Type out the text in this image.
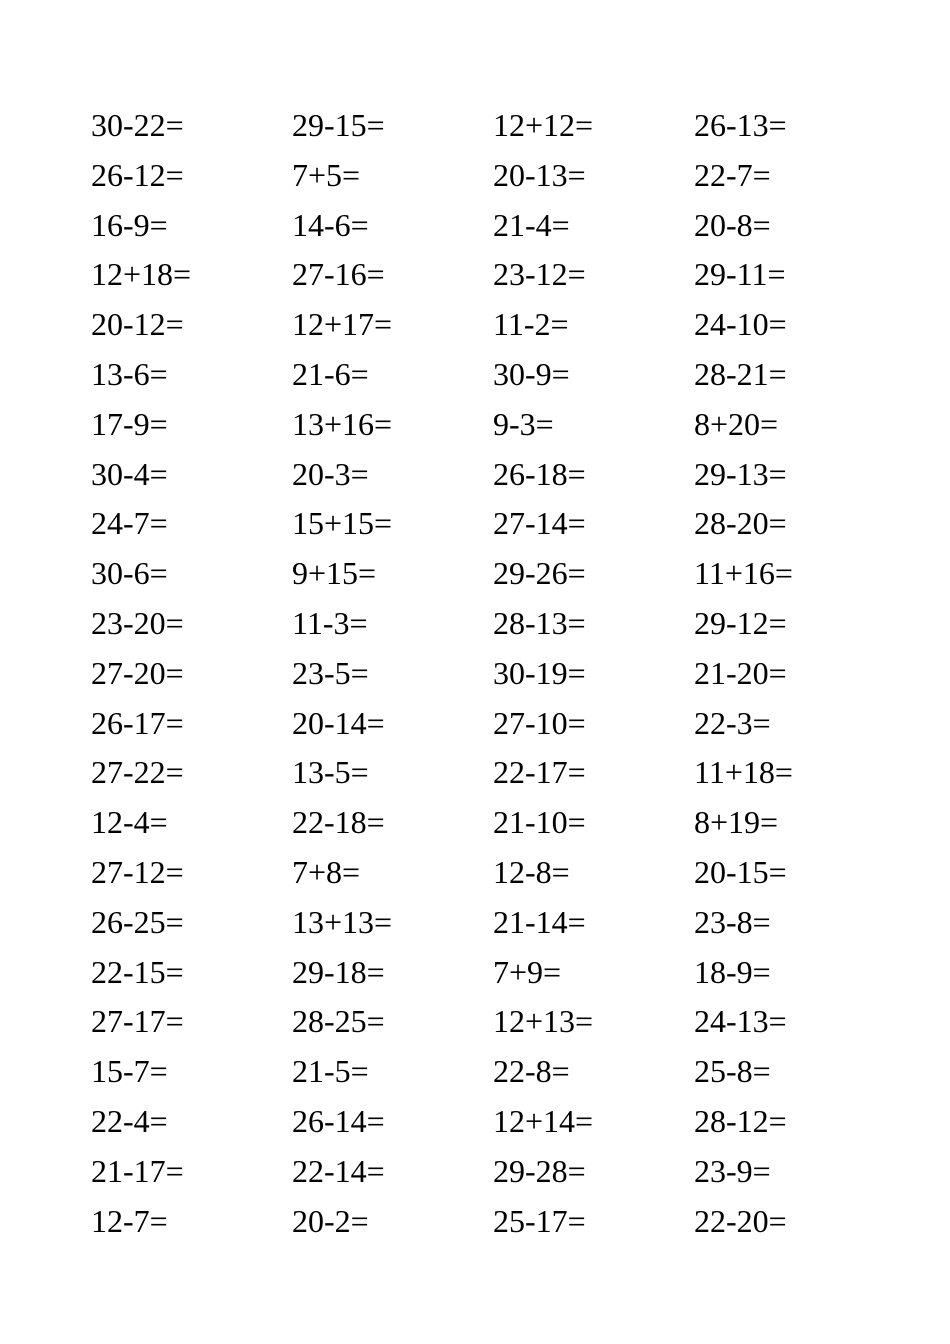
30-22=	29-15=	12+12=	26-13=
26-12=	7+5=	20-13=	22-7=
16-9=	14-6=	21-4=	20-8=
12+18=	27-16=	23-12=	29-11=
20-12=	12+17=	11-2=	24-10=
13-6=	21-6=	30-9=	28-21=
17-9=	13+16=	9-3=	8+20=
30-4=	20-3=	26-18=	29-13=
24-7=	15+15=	27-14=	28-20=
30-6=	9+15=	29-26=	11+16=
23-20=	11-3=	28-13=	29-12=
27-20=	23-5=	30-19=	21-20=
26-17=	20-14=	27-10=	22-3=
27-22=	13-5=	22-17=	11+18=
12-4=	22-18=	21-10=	8+19=
27-12=	7+8=	12-8=	20-15=
26-25=	13+13=	21-14=	23-8=
22-15=	29-18=	7+9=	18-9=
27-17=	28-25=	12+13=	24-13=
15-7=	21-5=	22-8=	25-8=
22-4=	26-14=	12+14=	28-12=
21-17=	22-14=	29-28=	23-9=
12-7=	20-2=	25-17=	22-20=
